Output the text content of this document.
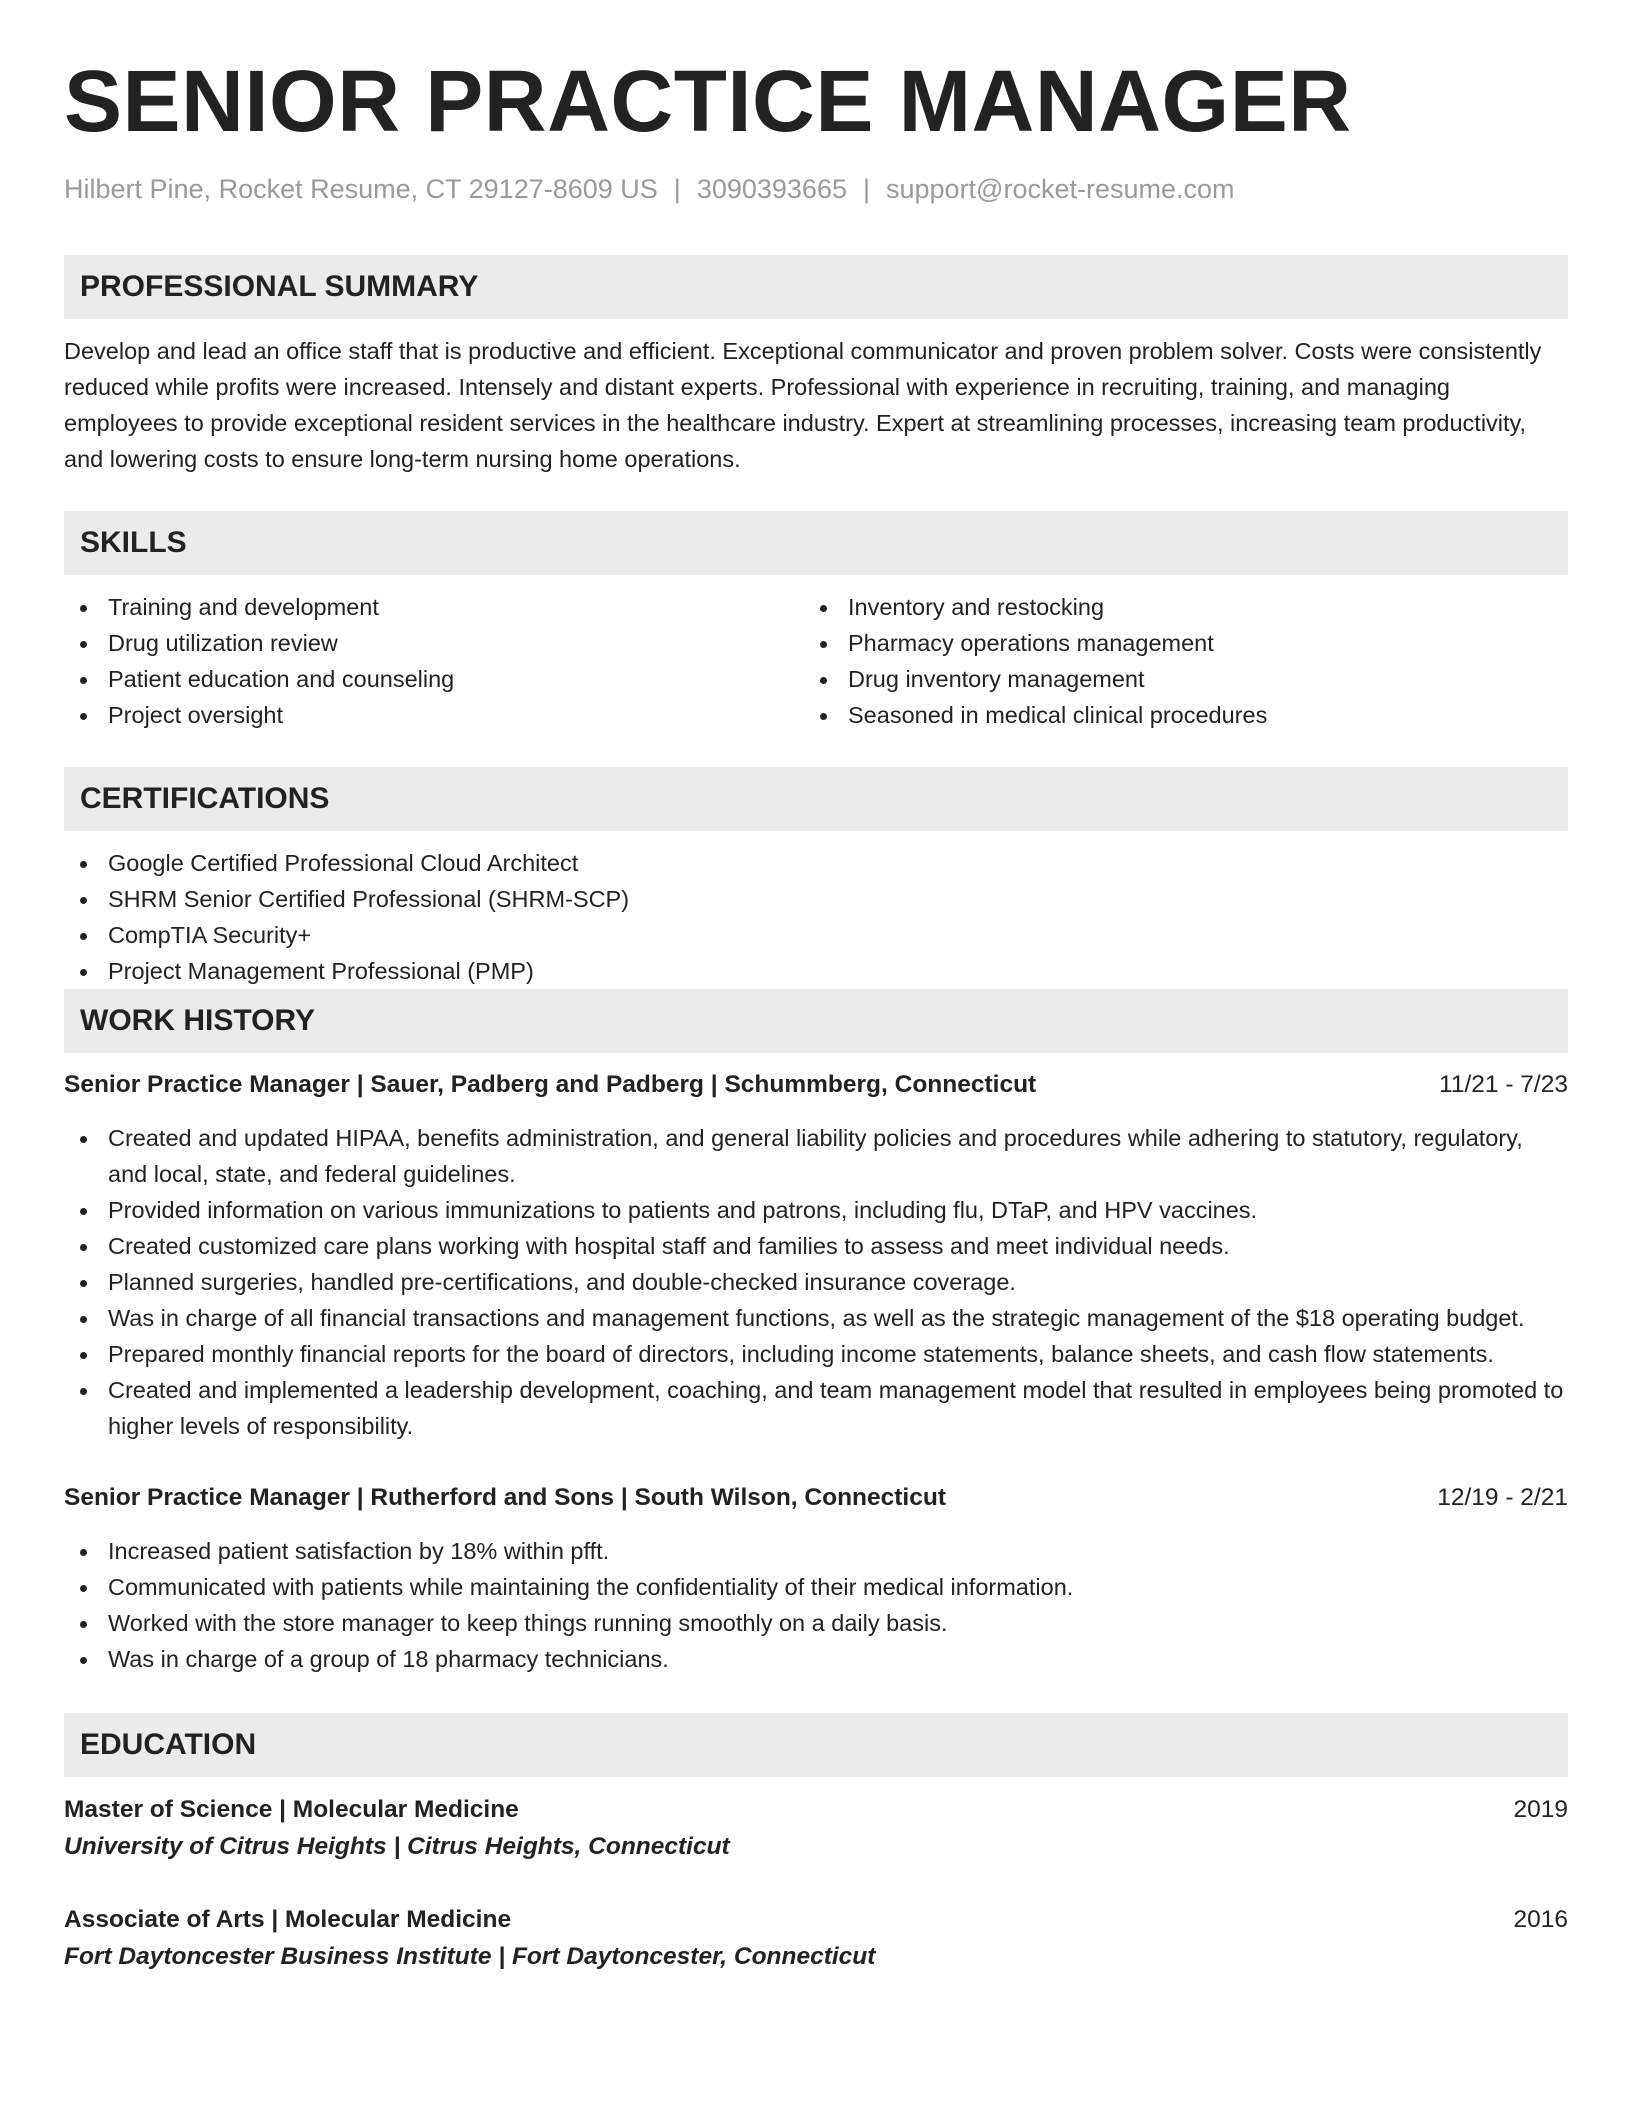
SENIOR PRACTICE MANAGER
Hilbert Pine, Rocket Resume, CT 29127-8609 US | 3090393665 | support@rocket-resume.com
PROFESSIONAL SUMMARY

Develop and lead an office staff that is productive and efficient. Exceptional communicator and proven problem solver. Costs were consistently reduced while profits were increased. Intensely and distant experts. Professional with experience in recruiting, training, and managing employees to provide exceptional resident services in the healthcare industry. Expert at streamlining processes, increasing team productivity, and lowering costs to ensure long-term nursing home operations.

SKILLS
Training and development
Drug utilization review
Patient education and counseling
Project oversight
Inventory and restocking
Pharmacy operations management
Drug inventory management
Seasoned in medical clinical procedures
CERTIFICATIONS
Google Certified Professional Cloud Architect
SHRM Senior Certified Professional (SHRM-SCP)
CompTIA Security+
Project Management Professional (PMP)
WORK HISTORY
Senior Practice Manager | Sauer, Padberg and Padberg | Schummberg, Connecticut	11/21 - 7/23
Created and updated HIPAA, benefits administration, and general liability policies and procedures while adhering to statutory, regulatory, and local, state, and federal guidelines.
Provided information on various immunizations to patients and patrons, including flu, DTaP, and HPV vaccines.
Created customized care plans working with hospital staff and families to assess and meet individual needs.
Planned surgeries, handled pre-certifications, and double-checked insurance coverage.
Was in charge of all financial transactions and management functions, as well as the strategic management of the $18 operating budget.
Prepared monthly financial reports for the board of directors, including income statements, balance sheets, and cash flow statements.
Created and implemented a leadership development, coaching, and team management model that resulted in employees being promoted to higher levels of responsibility.
Senior Practice Manager | Rutherford and Sons | South Wilson, Connecticut	12/19 - 2/21
Increased patient satisfaction by 18% within pfft.
Communicated with patients while maintaining the confidentiality of their medical information.
Worked with the store manager to keep things running smoothly on a daily basis.
Was in charge of a group of 18 pharmacy technicians.
EDUCATION
Master of Science | Molecular Medicine	2019
University of Citrus Heights | Citrus Heights, Connecticut
Associate of Arts | Molecular Medicine	2016
Fort Daytoncester Business Institute | Fort Daytoncester, Connecticut
